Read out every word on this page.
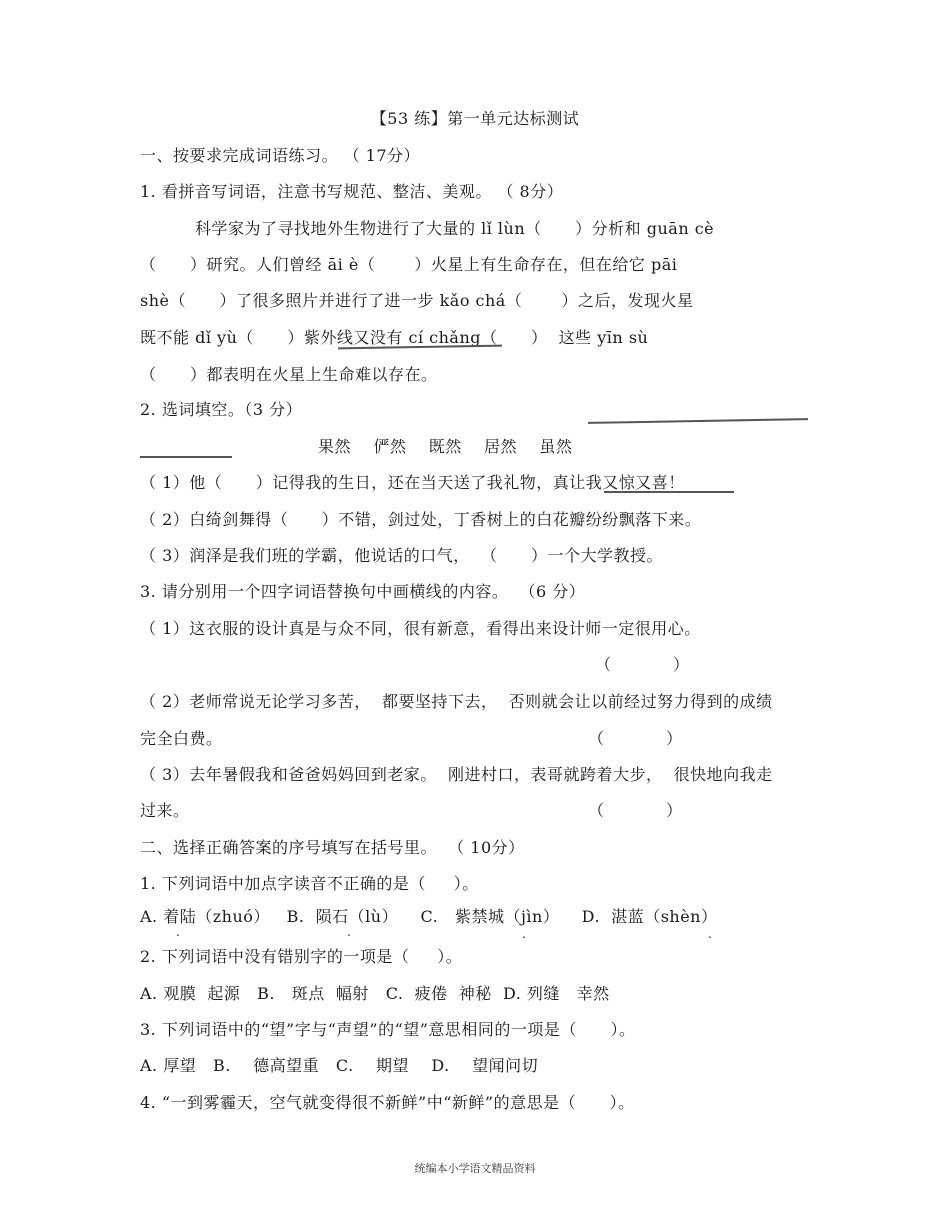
【53 练】第一单元达标测试
一、按要求完成词语练习。 （ 17分）
1. 看拼音写词语，注意书写规范、整洁、美观。 （ 8分）
科学家为了寻找地外生物进行了大量的 lǐ lùn（      ）分析和 guān cè
（      ）研究。人们曾经 āi è（       ）火星上有生命存在，但在给它 pāi
shè（      ）了很多照片并进行了进一步 kǎo chá（       ）之后，发现火星
既不能 dǐ yù（      ）紫外线又没有 cí chǎng（      ）  这些 yīn sù
（      ）都表明在火星上生命难以存在。
2. 选词填空。（3 分）
果然    俨然    既然    居然    虽然
（ 1）他（      ）记得我的生日，还在当天送了我礼物，真让我又惊又喜！
（ 2）白绮剑舞得（      ）不错，剑过处，丁香树上的白花瓣纷纷飘落下来。
（ 3）润泽是我们班的学霸，他说话的口气，  （      ）一个大学教授。
3. 请分别用一个四字词语替换句中画横线的内容。  （6 分）
（ 1）这衣服的设计真是与众不同，很有新意，看得出来设计师一定很用心。
（           ）
（ 2）老师常说无论学习多苦，  都要坚持下去，  否则就会让以前经过努力得到的成绩
完全白费。	（           ）
（ 3）去年暑假我和爸爸妈妈回到老家。  刚进村口，表哥就跨着大步，  很快地向我走
过来。	（           ）
二、选择正确答案的序号填写在括号里。  （ 10分）
1. 下列词语中加点字读音不正确的是（     ）。
A. 着陆（zhuó）   B.  陨石（lù）    C.   紫禁城（jìn）    D.  湛蓝（shèn）
.	.	.	.
2. 下列词语中没有错别字的一项是（     ）。
A. 观膜  起源   B.   斑点  幅射   C.  疲倦  神秘  D. 列缝   幸然
3. 下列词语中的“望”字与“声望”的“望”意思相同的一项是（      ）。
A. 厚望   B.    德高望重   C.    期望    D.    望闻问切
4. “一到雾霾天，空气就变得很不新鲜”中“新鲜”的意思是（      ）。
统编本小学语文精品资料
